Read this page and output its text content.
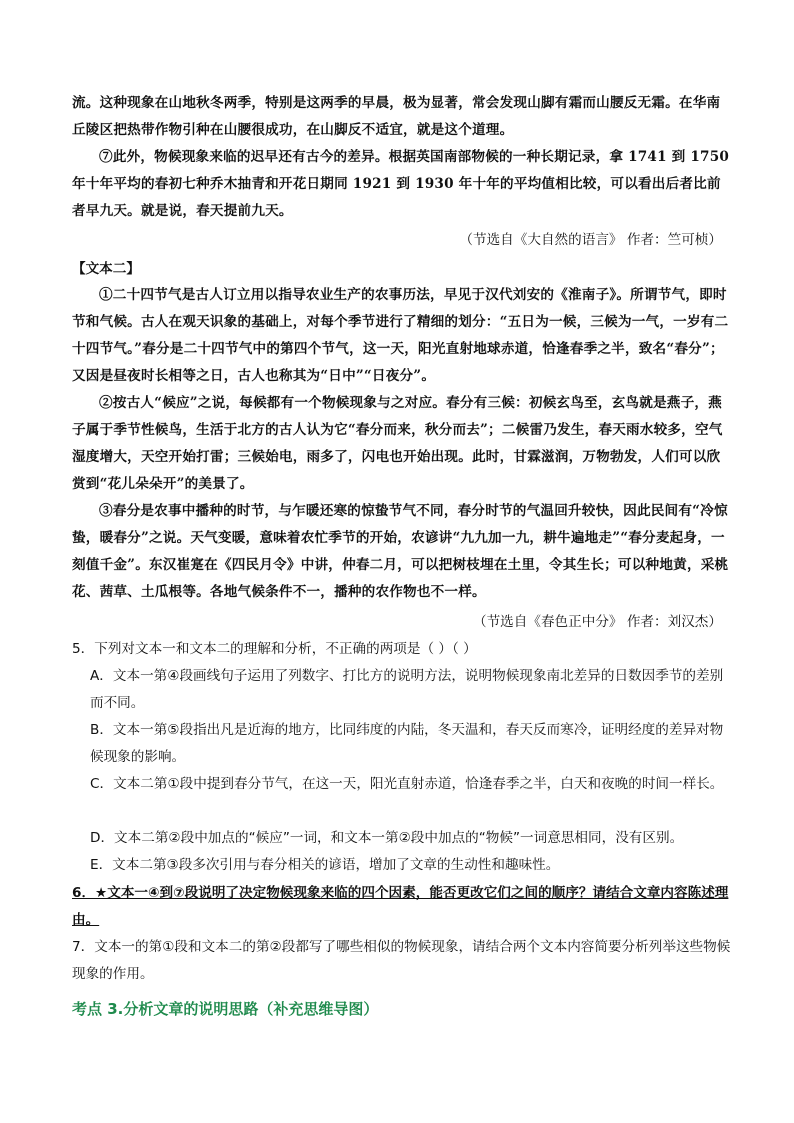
流。这种现象在山地秋冬两季，特别是这两季的早晨，极为显著，常会发现山脚有霜而山腰反无霜。在华南丘陵区把热带作物引种在山腰很成功，在山脚反不适宜，就是这个道理。
⑦此外，物候现象来临的迟早还有古今的差异。根据英国南部物候的一种长期记录，拿 1741 到 1750 年十年平均的春初七种乔木抽青和开花日期同 1921 到 1930 年十年的平均值相比较，可以看出后者比前者早九天。就是说，春天提前九天。
（节选自《大自然的语言》 作者：竺可桢）
【文本二】
①二十四节气是古人订立用以指导农业生产的农事历法，早见于汉代刘安的《淮南子》。所谓节气，即时节和气候。古人在观天识象的基础上，对每个季节进行了精细的划分：“五日为一候，三候为一气，一岁有二十四节气。”春分是二十四节气中的第四个节气，这一天，阳光直射地球赤道，恰逢春季之半，致名“春分”；又因是昼夜时长相等之日，古人也称其为“日中”“日夜分”。
②按古人“候应”之说，每候都有一个物候现象与之对应。春分有三候：初候玄鸟至，玄鸟就是燕子，燕子属于季节性候鸟，生活于北方的古人认为它“春分而来，秋分而去”；二候雷乃发生，春天雨水较多，空气湿度增大，天空开始打雷；三候始电，雨多了，闪电也开始出现。此时，甘霖滋润，万物勃发，人们可以欣赏到“花儿朵朵开”的美景了。
③春分是农事中播种的时节，与乍暖还寒的惊蛰节气不同，春分时节的气温回升较快，因此民间有“冷惊蛰，暖春分”之说。天气变暖，意味着农忙季节的开始，农谚讲“九九加一九，耕牛遍地走”“春分麦起身，一刻值千金”。东汉崔寔在《四民月令》中讲，仲春二月，可以把树枝埋在土里，令其生长；可以种地黄，采桃花、茜草、土瓜根等。各地气候条件不一，播种的农作物也不一样。
（节选自《春色正中分》 作者：刘汉杰）
5．下列对文本一和文本二的理解和分析，不正确的两项是（ ）（ ）
A．文本一第④段画线句子运用了列数字、打比方的说明方法，说明物候现象南北差异的日数因季节的差别而不同。
B．文本一第⑤段指出凡是近海的地方，比同纬度的内陆，冬天温和，春天反而寒冷，证明经度的差异对物候现象的影响。
C．文本二第①段中提到春分节气，在这一天，阳光直射赤道，恰逢春季之半，白天和夜晚的时间一样长。
D．文本二第②段中加点的“候应”一词，和文本一第②段中加点的“物候”一词意思相同，没有区别。
E．文本二第③段多次引用与春分相关的谚语，增加了文章的生动性和趣味性。
6．★文本一④到⑦段说明了决定物候现象来临的四个因素，能否更改它们之间的顺序？请结合文章内容陈述理由。
7．文本一的第①段和文本二的第②段都写了哪些相似的物候现象，请结合两个文本内容简要分析列举这些物候现象的作用。
考点 3.分析文章的说明思路（补充思维导图）
